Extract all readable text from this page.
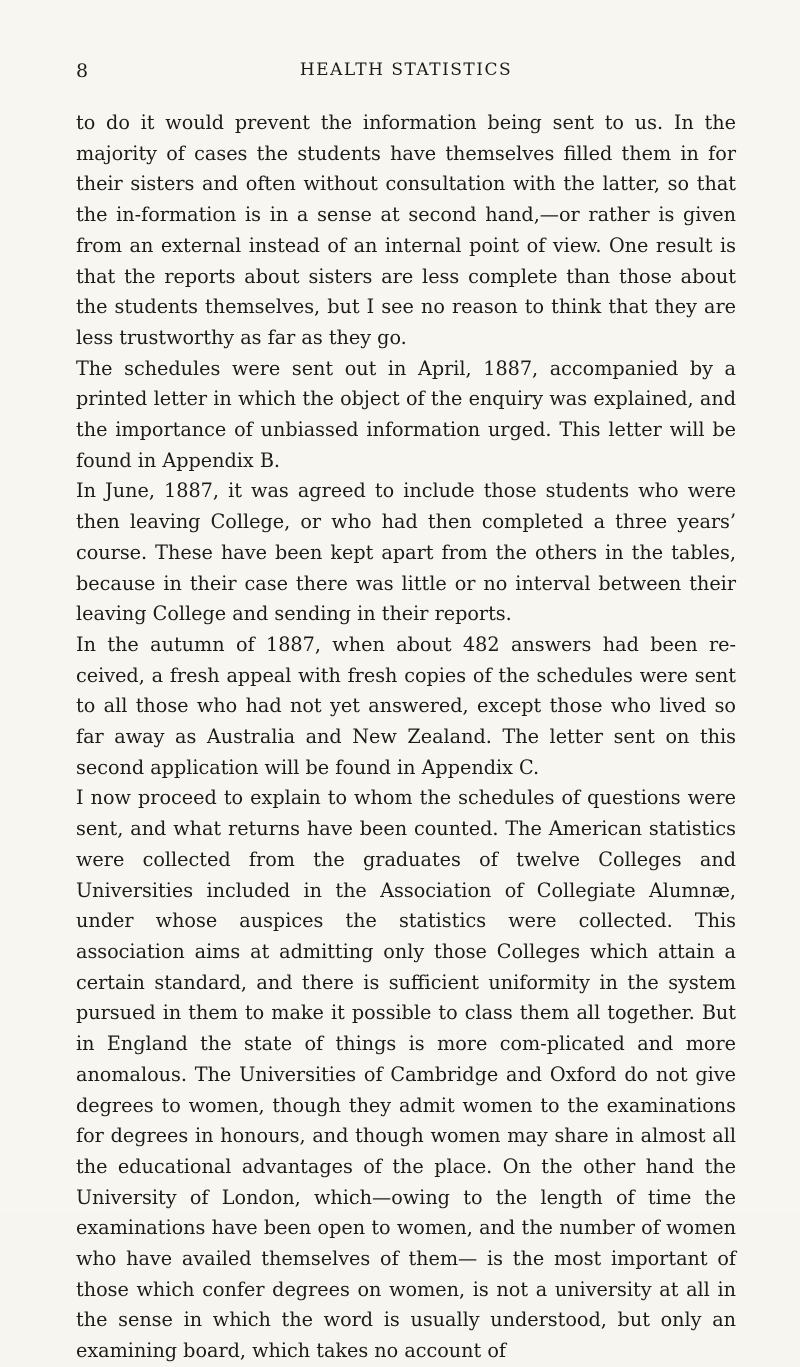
8	HEALTH STATISTICS

to do it would prevent the information being sent to us. In the majority of cases the students have themselves filled them in for their sisters and often without consultation with the latter, so that the in-formation is in a sense at second hand,—or rather is given from an external instead of an internal point of view. One result is that the reports about sisters are less complete than those about the students themselves, but I see no reason to think that they are less trustworthy as far as they go.

The schedules were sent out in April, 1887, accompanied by a printed letter in which the object of the enquiry was explained, and the importance of unbiassed information urged. This letter will be found in Appendix B.

In June, 1887, it was agreed to include those students who were then leaving College, or who had then completed a three years’ course. These have been kept apart from the others in the tables, because in their case there was little or no interval between their leaving College and sending in their reports.

In the autumn of 1887, when about 482 answers had been re-ceived, a fresh appeal with fresh copies of the schedules were sent to all those who had not yet answered, except those who lived so far away as Australia and New Zealand. The letter sent on this second application will be found in Appendix C.

I now proceed to explain to whom the schedules of questions were sent, and what returns have been counted. The American statistics were collected from the graduates of twelve Colleges and Universities included in the Association of Collegiate Alumnæ, under whose auspices the statistics were collected. This association aims at admitting only those Colleges which attain a certain standard, and there is sufficient uniformity in the system pursued in them to make it possible to class them all together. But in England the state of things is more com-plicated and more anomalous. The Universities of Cambridge and Oxford do not give degrees to women, though they admit women to the examinations for degrees in honours, and though women may share in almost all the educational advantages of the place. On the other hand the University of London, which—owing to the length of time the examinations have been open to women, and the number of women who have availed themselves of them— is the most important of those which confer degrees on women, is not a university at all in the sense in which the word is usually understood, but only an examining board, which takes no account of
